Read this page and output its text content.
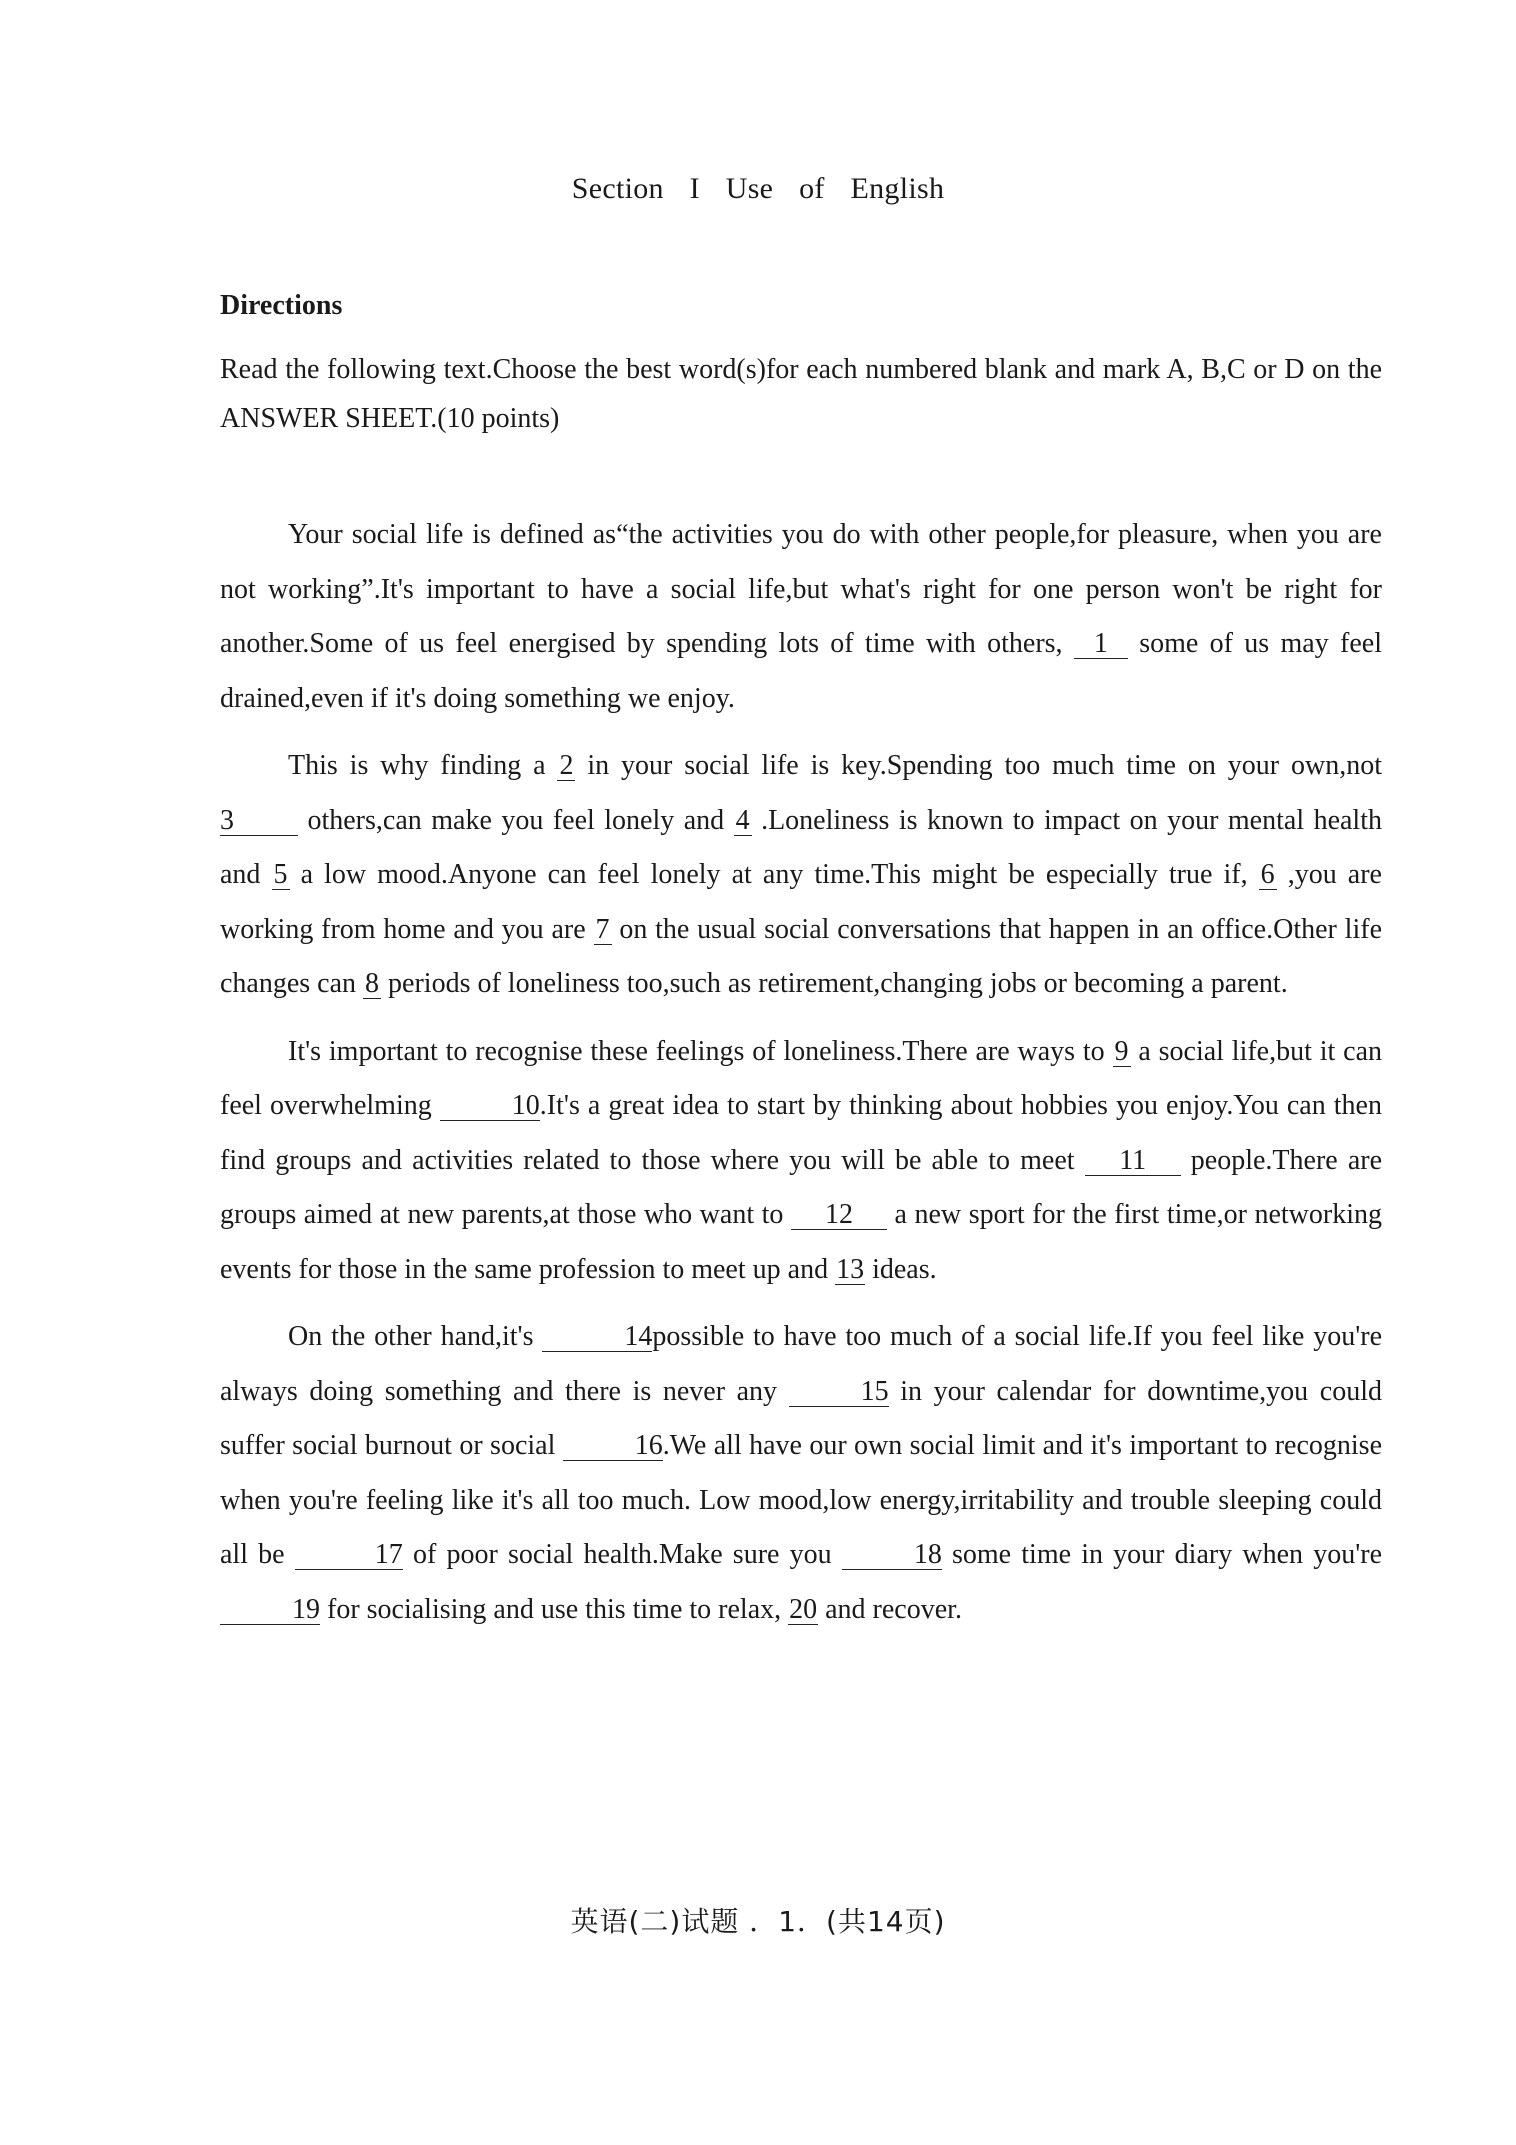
Section I Use of English
Directions
Read the following text.Choose the best word(s)for each numbered blank and mark A, B,C or D on the ANSWER SHEET.(10 points)

Your social life is defined as“the activities you do with other people,for pleasure, when you are not working”.It's important to have a social life,but what's right for one person won't be right for another.Some of us feel energised by spending lots of time with others, 1 some of us may feel drained,even if it's doing something we enjoy.

This is why finding a 2 in your social life is key.Spending too much time on your own,not 3 others,can make you feel lonely and 4 .Loneliness is known to impact on your mental health and 5 a low mood.Anyone can feel lonely at any time.This might be especially true if, 6 ,you are working from home and you are 7 on the usual social conversations that happen in an office.Other life changes can 8 periods of loneliness too,such as retirement,changing jobs or becoming a parent.

It's important to recognise these feelings of loneliness.There are ways to 9 a social life,but it can feel overwhelming	10.It's a great idea to start by thinking about hobbies you enjoy.You can then find groups and activities related to those where you will be able to meet 11 people.There are groups aimed at new parents,at those who want to 12 a new sport for the first time,or networking events for those in the same profession to meet up and 13 ideas.

On the other hand,it's	14possible to have too much of a social life.If you feel like you're always doing something and there is never any	15 in your calendar for downtime,you could suffer social burnout or social	16.We all have our own social limit and it's important to recognise when you're feeling like it's all too much. Low mood,low energy,irritability and trouble sleeping could all be	17 of poor social health.Make sure you	18 some time in your diary when you're 19 for socialising and use this time to relax, 20 and recover.

英语(二)试题 ．1．(共14页)
